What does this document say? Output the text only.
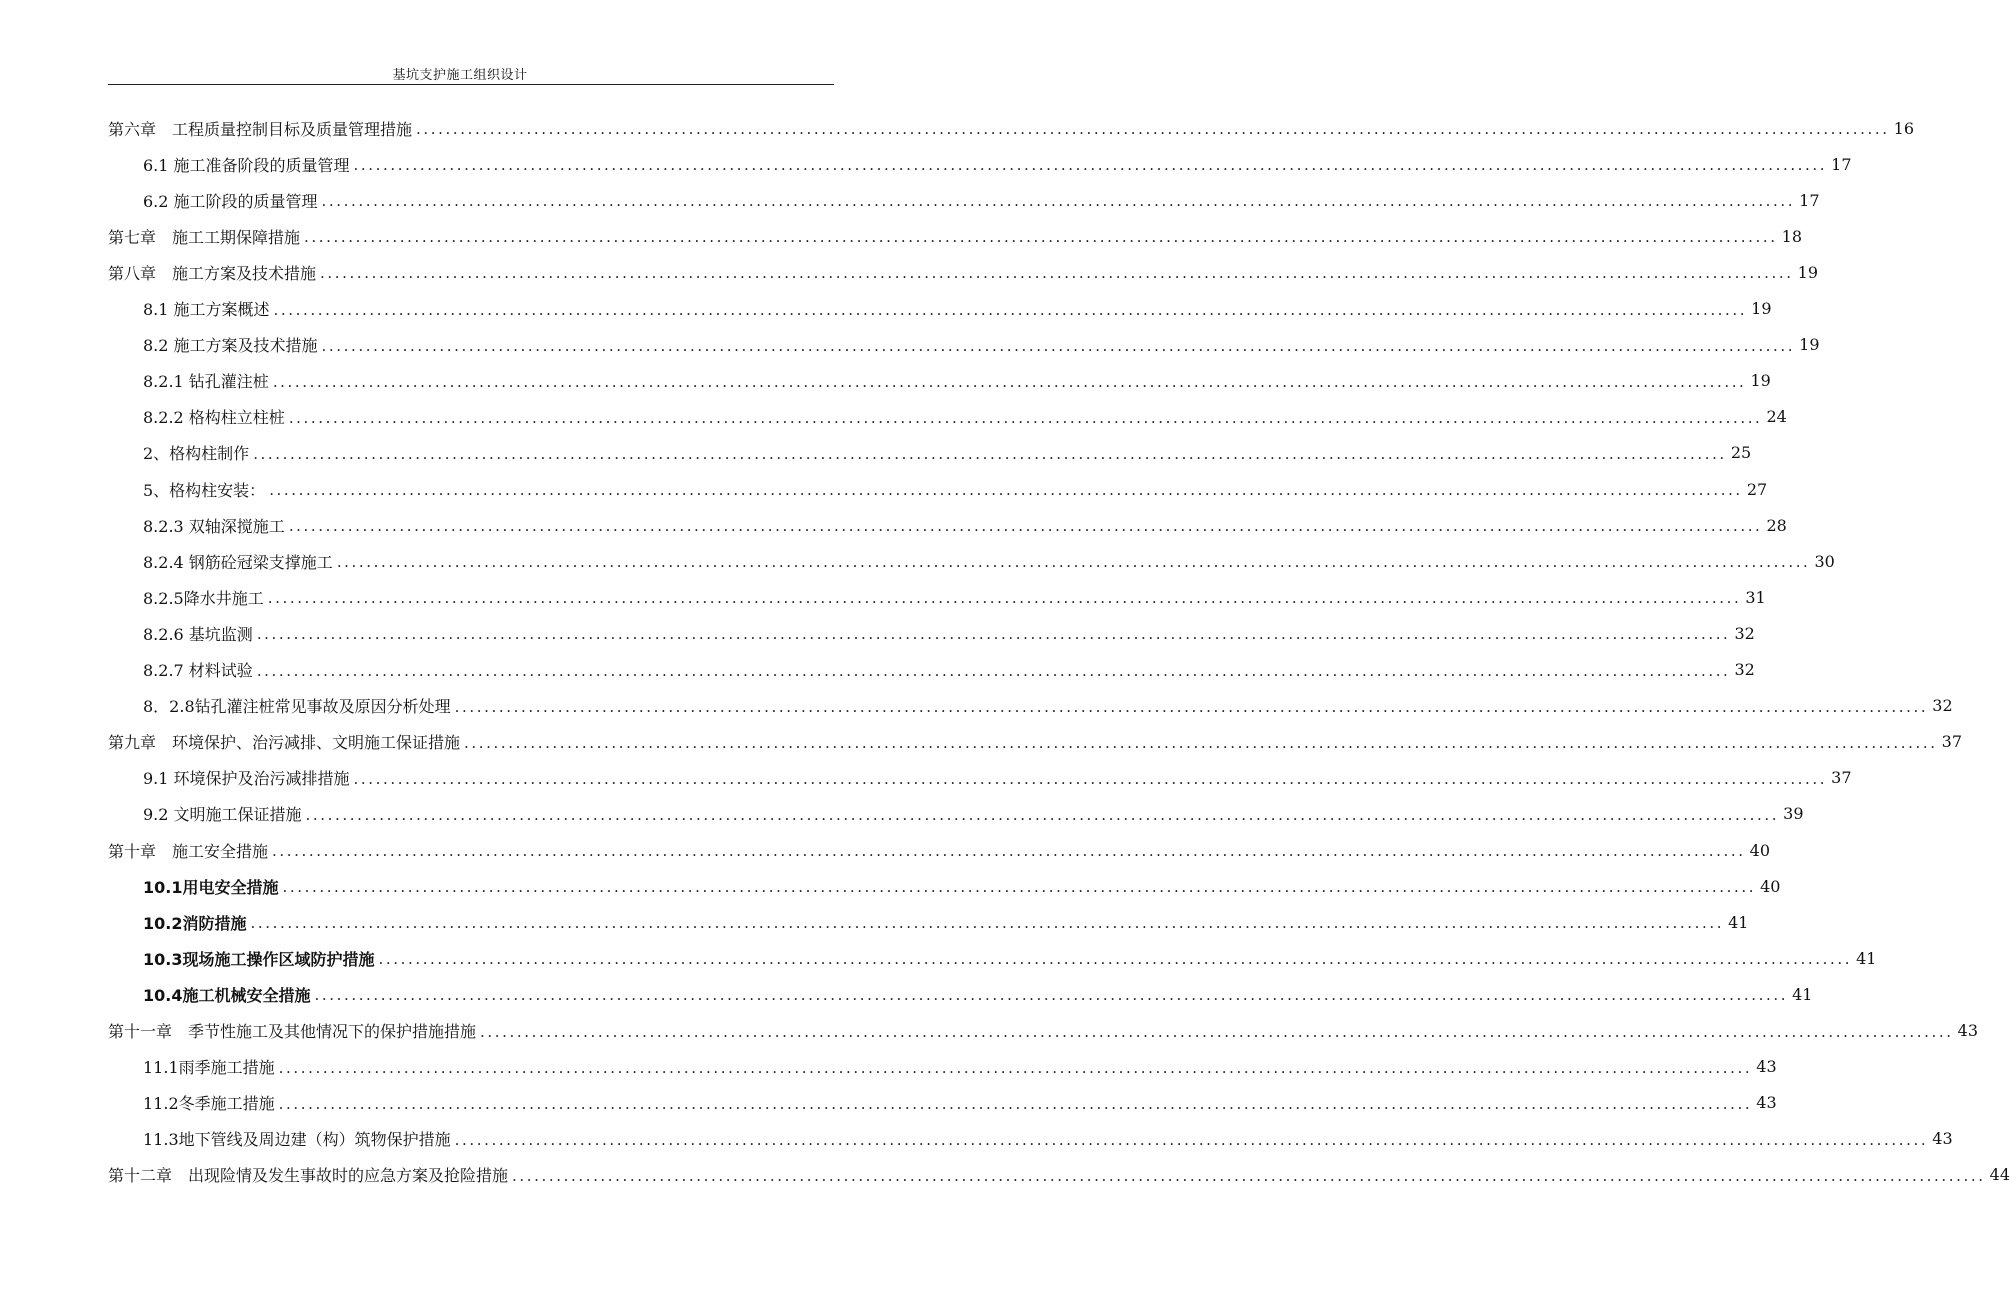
基坑支护施工组织设计
第六章　工程质量控制目标及质量管理措施 ........................................................................................................................................................................................................ 16
6.1 施工准备阶段的质量管理 ........................................................................................................................................................................................................ 17
6.2 施工阶段的质量管理 ........................................................................................................................................................................................................ 17
第七章　施工工期保障措施 ........................................................................................................................................................................................................ 18
第八章　施工方案及技术措施 ........................................................................................................................................................................................................ 19
8.1 施工方案概述 ........................................................................................................................................................................................................ 19
8.2 施工方案及技术措施 ........................................................................................................................................................................................................ 19
8.2.1 钻孔灌注桩 ........................................................................................................................................................................................................ 19
8.2.2 格构柱立柱桩 ........................................................................................................................................................................................................ 24
2、格构柱制作 ........................................................................................................................................................................................................ 25
5、格构柱安装： ........................................................................................................................................................................................................ 27
8.2.3 双轴深搅施工 ........................................................................................................................................................................................................ 28
8.2.4 钢筋砼冠梁支撑施工 ........................................................................................................................................................................................................ 30
8.2.5降水井施工 ........................................................................................................................................................................................................ 31
8.2.6 基坑监测 ........................................................................................................................................................................................................ 32
8.2.7 材料试验 ........................................................................................................................................................................................................ 32
8．2.8钻孔灌注桩常见事故及原因分析处理 ........................................................................................................................................................................................................ 32
第九章　环境保护、治污减排、文明施工保证措施 ........................................................................................................................................................................................................ 37
9.1 环境保护及治污减排措施 ........................................................................................................................................................................................................ 37
9.2 文明施工保证措施 ........................................................................................................................................................................................................ 39
第十章　施工安全措施 ........................................................................................................................................................................................................ 40
10.1用电安全措施 ........................................................................................................................................................................................................ 40
10.2消防措施 ........................................................................................................................................................................................................ 41
10.3现场施工操作区域防护措施 ........................................................................................................................................................................................................ 41
10.4施工机械安全措施 ........................................................................................................................................................................................................ 41
第十一章　季节性施工及其他情况下的保护措施措施 ........................................................................................................................................................................................................ 43
11.1雨季施工措施 ........................................................................................................................................................................................................ 43
11.2冬季施工措施 ........................................................................................................................................................................................................ 43
11.3地下管线及周边建（构）筑物保护措施 ........................................................................................................................................................................................................ 43
第十二章　出现险情及发生事故时的应急方案及抢险措施 ........................................................................................................................................................................................................ 44
